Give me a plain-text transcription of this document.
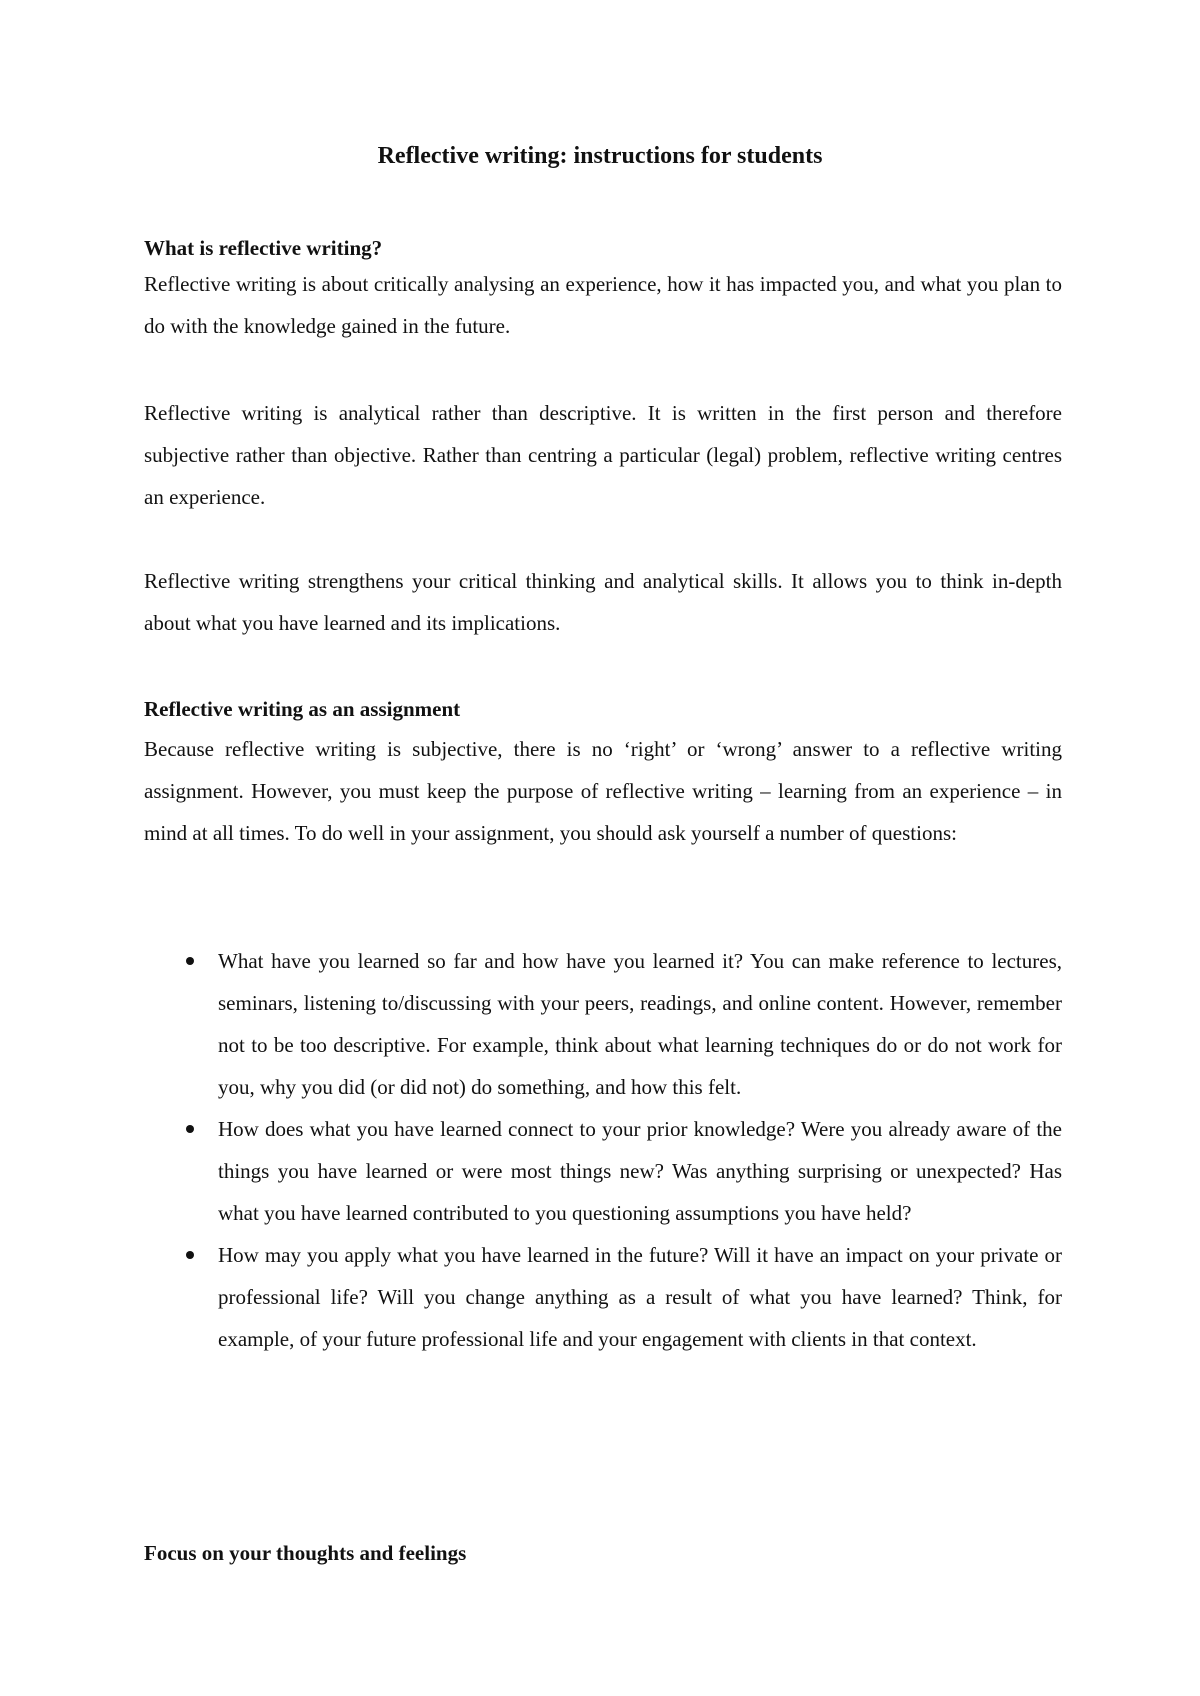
Reflective writing: instructions for students
What is reflective writing?

Reflective writing is about critically analysing an experience, how it has impacted you, and what you plan to do with the knowledge gained in the future.

Reflective writing is analytical rather than descriptive. It is written in the first person and therefore subjective rather than objective. Rather than centring a particular (legal) problem, reflective writing centres an experience.

Reflective writing strengthens your critical thinking and analytical skills. It allows you to think in-depth about what you have learned and its implications.

Reflective writing as an assignment

Because reflective writing is subjective, there is no ‘right’ or ‘wrong’ answer to a reflective writing assignment. However, you must keep the purpose of reflective writing – learning from an experience – in mind at all times. To do well in your assignment, you should ask yourself a number of questions:

What have you learned so far and how have you learned it? You can make reference to lectures, seminars, listening to/discussing with your peers, readings, and online content. However, remember not to be too descriptive. For example, think about what learning techniques do or do not work for you, why you did (or did not) do something, and how this felt.
How does what you have learned connect to your prior knowledge? Were you already aware of the things you have learned or were most things new? Was anything surprising or unexpected? Has what you have learned contributed to you questioning assumptions you have held?
How may you apply what you have learned in the future? Will it have an impact on your private or professional life? Will you change anything as a result of what you have learned? Think, for example, of your future professional life and your engagement with clients in that context.
Focus on your thoughts and feelings
